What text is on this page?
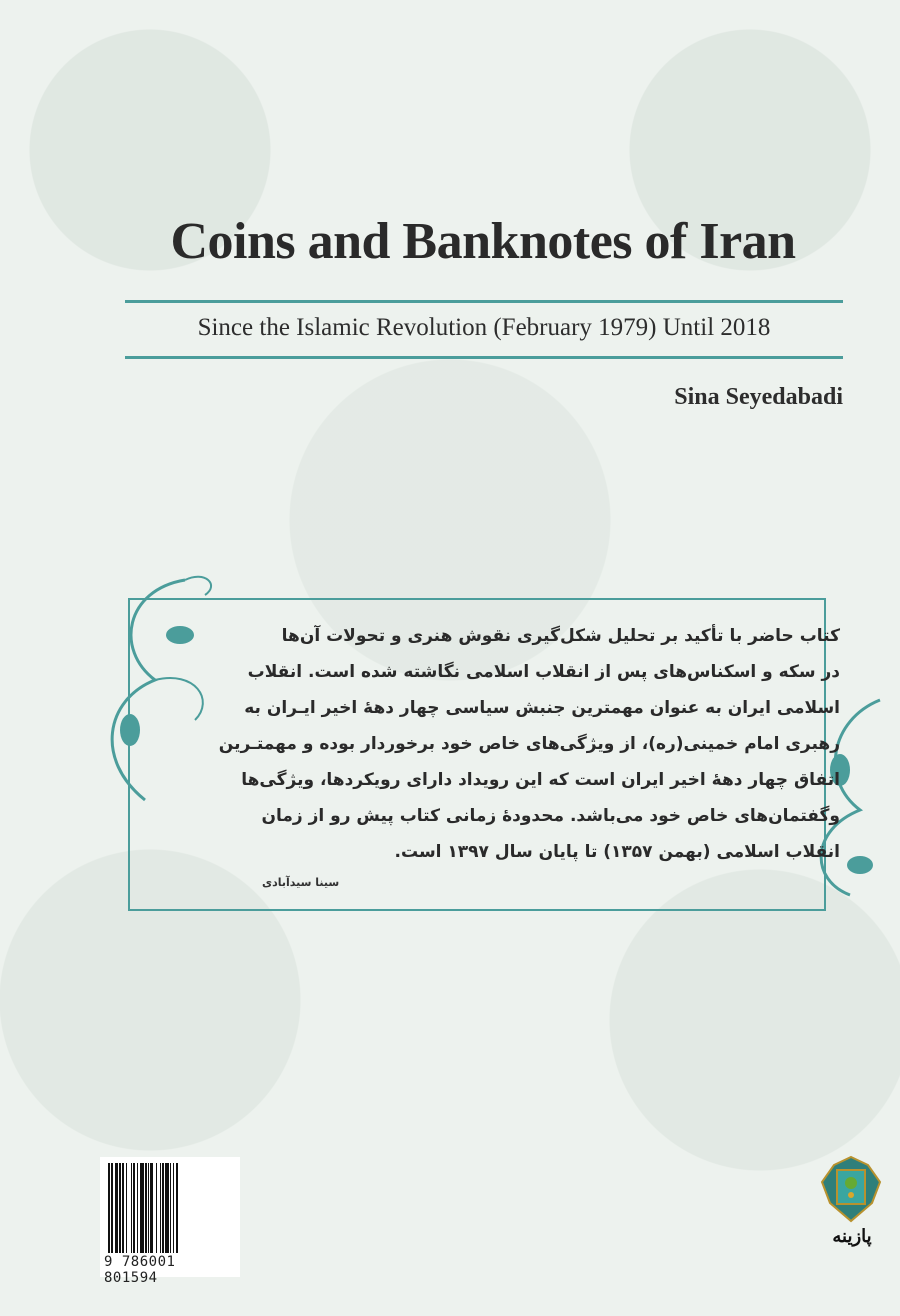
Coins and Banknotes of Iran
Since the Islamic Revolution (February 1979) Until 2018
Sina Seyedabadi

کتاب حاضر با تأکید بر تحلیل شکل‌گیری نقوش هنری و تحولات آن‌ها

در سکه و اسکناس‌های پس از انقلاب اسلامی نگاشته شده است. انقلاب

اسلامی ایران به عنوان مهمترین جنبش سیاسی چهار دههٔ اخیر ایـران به

رهبری امام خمینی(ره)، از ویژگی‌های خاص خود برخوردار بوده و مهمتـرین

اتفاق چهار دههٔ اخیر ایران است که این رویداد دارای رویکردها، ویژگی‌ها

وگفتمان‌های خاص خود می‌باشد. محدودهٔ زمانی کتاب پیش رو از زمان

انقلاب اسلامی (بهمن ۱۳۵۷) تا پایان سال ۱۳۹۷ است.

سینا سیدآبادی
9 786001 801594
پازینه
